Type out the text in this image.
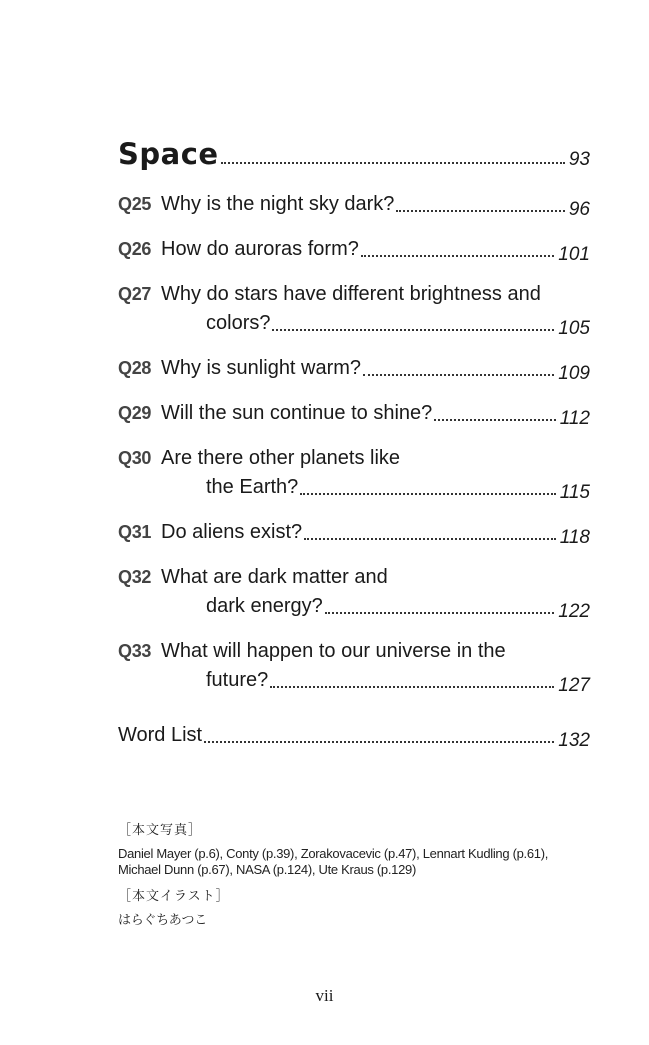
Space	93
Q25 Why is the night sky dark?	96
Q26 How do auroras form?	101
Q27 Why do stars have different brightness and
colors?	105
Q28 Why is sunlight warm?	109
Q29 Will the sun continue to shine?	112
Q30 Are there other planets like
the Earth?	115
Q31 Do aliens exist?	118
Q32 What are dark matter and
dark energy?	122
Q33 What will happen to our universe in the
future?	127
Word List	132
［本文写真］
Daniel Mayer (p.6), Conty (p.39), Zorakovacevic (p.47), Lennart Kudling (p.61), Michael Dunn (p.67), NASA (p.124), Ute Kraus (p.129)
［本文イラスト］
はらぐちあつこ
vii
